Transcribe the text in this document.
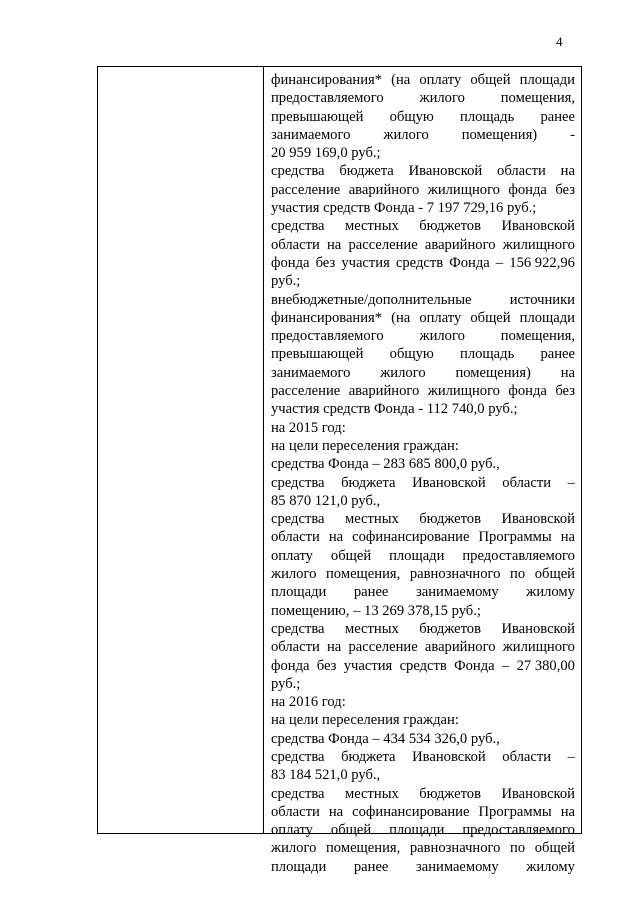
4
финансирования* (на оплату общей площади
предоставляемого жилого помещения,
превышающей общую площадь ранее
занимаемого жилого помещения) -
20 959 169,0 руб.;
средства бюджета Ивановской области на
расселение аварийного жилищного фонда без
участия средств Фонда - 7 197 729,16 руб.;
средства местных бюджетов Ивановской
области на расселение аварийного жилищного
фонда без участия средств Фонда – 156 922,96
руб.;
внебюджетные/дополнительные	источники
финансирования* (на оплату общей площади
предоставляемого жилого помещения,
превышающей общую площадь ранее
занимаемого жилого помещения) на
расселение аварийного жилищного фонда без
участия средств Фонда - 112 740,0 руб.;
на 2015 год:
на цели переселения граждан:
средства Фонда – 283 685 800,0 руб.,
средства бюджета Ивановской области –
85 870 121,0 руб.,
средства местных бюджетов Ивановской
области на софинансирование Программы на
оплату общей площади предоставляемого
жилого помещения, равнозначного по общей
площади ранее занимаемому жилому
помещению, – 13 269 378,15 руб.;
средства местных бюджетов Ивановской
области на расселение аварийного жилищного
фонда без участия средств Фонда – 27 380,00
руб.;
на 2016 год:
на цели переселения граждан:
средства Фонда – 434 534 326,0 руб.,
средства бюджета Ивановской области –
83 184 521,0 руб.,
средства местных бюджетов Ивановской
области на софинансирование Программы на
оплату общей площади предоставляемого
жилого помещения, равнозначного по общей
площади ранее занимаемому жилому
